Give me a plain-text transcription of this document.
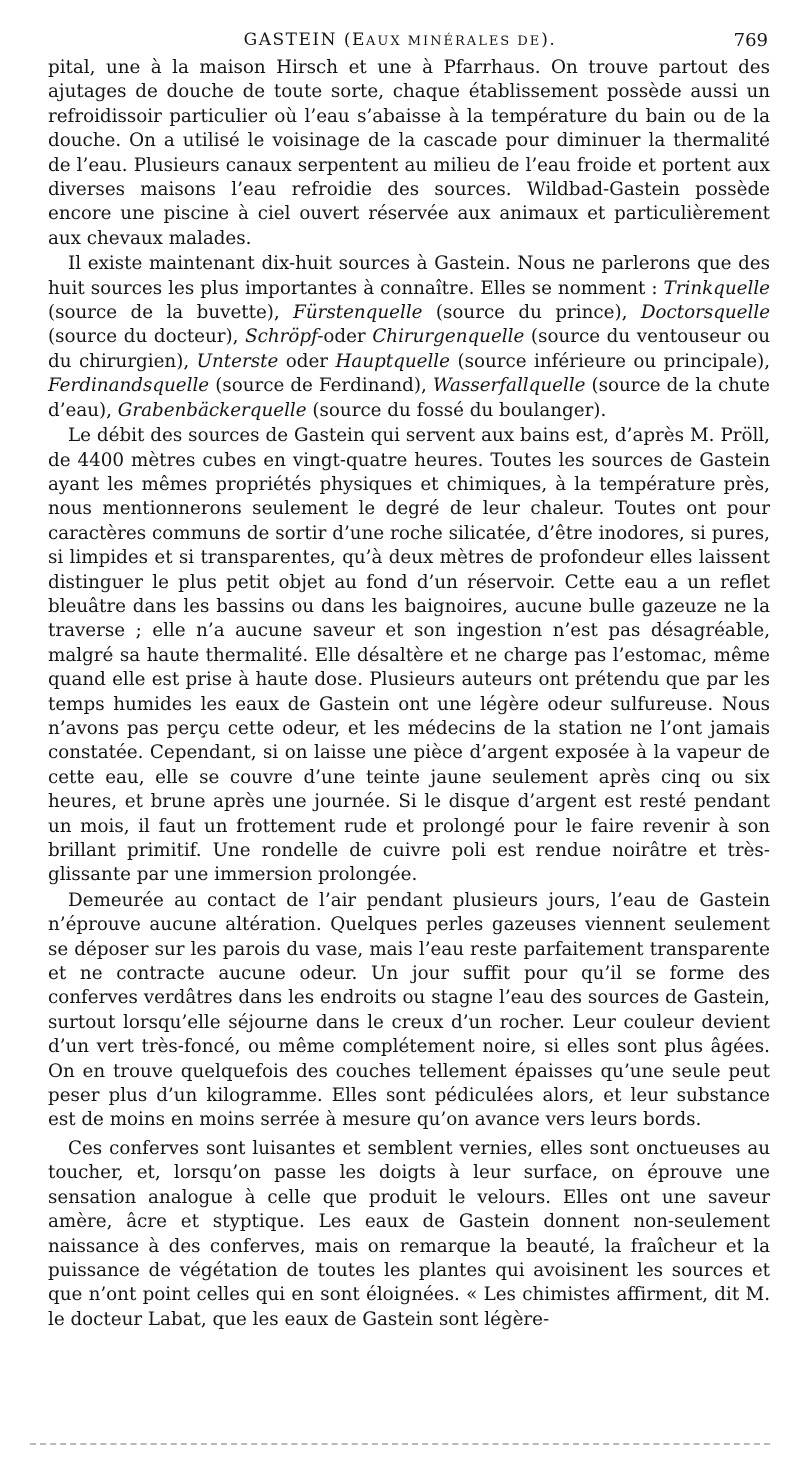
GASTEIN (EAUX MINÉRALES DE).	769

pital, une à la maison Hirsch et une à Pfarrhaus. On trouve partout des ajutages de douche de toute sorte, chaque établissement possède aussi un refroidissoir particulier où l’eau s’abaisse à la température du bain ou de la douche. On a utilisé le voisinage de la cascade pour diminuer la thermalité de l’eau. Plusieurs canaux serpentent au milieu de l’eau froide et portent aux diverses maisons l’eau refroidie des sources. Wildbad-Gastein possède encore une piscine à ciel ouvert réservée aux animaux et particulièrement aux chevaux malades.

Il existe maintenant dix-huit sources à Gastein. Nous ne parlerons que des huit sources les plus importantes à connaître. Elles se nomment : Trinkquelle (source de la buvette), Fürstenquelle (source du prince), Doctorsquelle (source du docteur), Schröpf-oder Chirurgenquelle (source du ventouseur ou du chirurgien), Unterste oder Hauptquelle (source inférieure ou principale), Ferdinandsquelle (source de Ferdinand), Wasserfallquelle (source de la chute d’eau), Grabenbäckerquelle (source du fossé du boulanger).

Le débit des sources de Gastein qui servent aux bains est, d’après M. Pröll, de 4400 mètres cubes en vingt-quatre heures. Toutes les sources de Gastein ayant les mêmes propriétés physiques et chimiques, à la température près, nous mentionnerons seulement le degré de leur chaleur. Toutes ont pour caractères communs de sortir d’une roche silicatée, d’être inodores, si pures, si limpides et si transparentes, qu’à deux mètres de profondeur elles laissent distinguer le plus petit objet au fond d’un réservoir. Cette eau a un reflet bleuâtre dans les bassins ou dans les baignoires, aucune bulle gazeuze ne la traverse ; elle n’a aucune saveur et son ingestion n’est pas désagréable, malgré sa haute thermalité. Elle désaltère et ne charge pas l’estomac, même quand elle est prise à haute dose. Plusieurs auteurs ont prétendu que par les temps humides les eaux de Gastein ont une légère odeur sulfureuse. Nous n’avons pas perçu cette odeur, et les médecins de la station ne l’ont jamais constatée. Cependant, si on laisse une pièce d’argent exposée à la vapeur de cette eau, elle se couvre d’une teinte jaune seulement après cinq ou six heures, et brune après une journée. Si le disque d’argent est resté pendant un mois, il faut un frottement rude et prolongé pour le faire revenir à son brillant primitif. Une rondelle de cuivre poli est rendue noirâtre et très-glissante par une immersion prolongée.

Demeurée au contact de l’air pendant plusieurs jours, l’eau de Gastein n’éprouve aucune altération. Quelques perles gazeuses viennent seulement se déposer sur les parois du vase, mais l’eau reste parfaitement transparente et ne contracte aucune odeur. Un jour suffit pour qu’il se forme des conferves verdâtres dans les endroits ou stagne l’eau des sources de Gastein, surtout lorsqu’elle séjourne dans le creux d’un rocher. Leur couleur devient d’un vert très-foncé, ou même complétement noire, si elles sont plus âgées. On en trouve quelquefois des couches tellement épaisses qu’une seule peut peser plus d’un kilogramme. Elles sont pédiculées alors, et leur substance est de moins en moins serrée à mesure qu’on avance vers leurs bords.

Ces conferves sont luisantes et semblent vernies, elles sont onctueuses au toucher, et, lorsqu’on passe les doigts à leur surface, on éprouve une sensation analogue à celle que produit le velours. Elles ont une saveur amère, âcre et styptique. Les eaux de Gastein donnent non-seulement naissance à des conferves, mais on remarque la beauté, la fraîcheur et la puissance de végétation de toutes les plantes qui avoisinent les sources et que n’ont point celles qui en sont éloignées. « Les chimistes affirment, dit M. le docteur Labat, que les eaux de Gastein sont légère-
